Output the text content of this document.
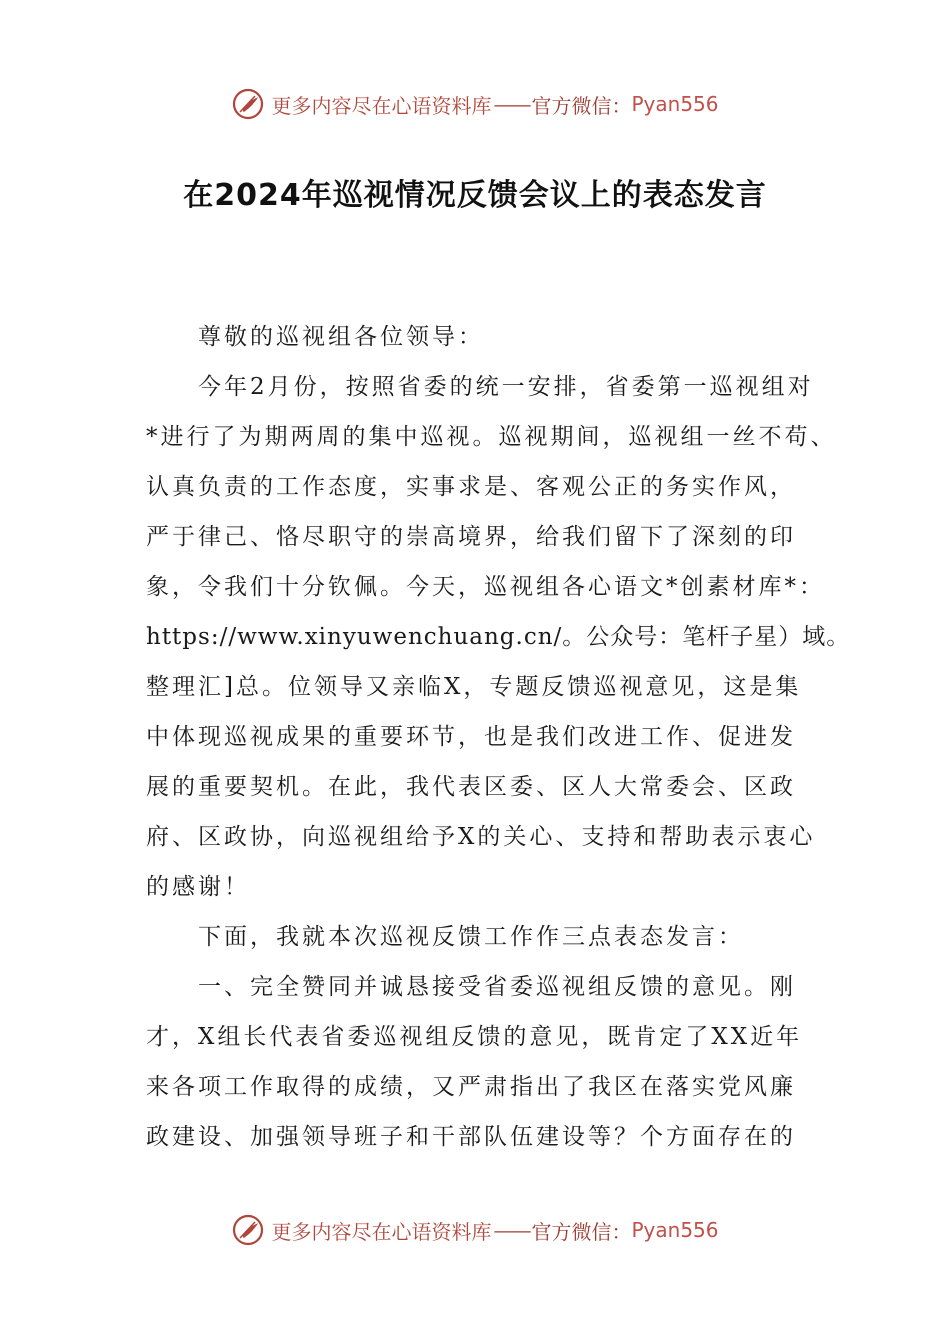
更多内容尽在心语资料库 —— 官方微信： Pyan556
在2024年巡视情况反馈会议上的表态发言
尊敬的巡视组各位领导：
今年2月份，按照省委的统一安排，省委第一巡视组对
*进行了为期两周的集中巡视。巡视期间，巡视组一丝不苟、
认真负责的工作态度，实事求是、客观公正的务实作风，
严于律己、恪尽职守的崇高境界，给我们留下了深刻的印
象，令我们十分钦佩。今天，巡视组各心语文*创素材库*：
https://www.xinyuwenchuang.cn/。公众号：笔杆子星）域。
整理汇]总。位领导又亲临X，专题反馈巡视意见，这是集
中体现巡视成果的重要环节，也是我们改进工作、促进发
展的重要契机。在此，我代表区委、区人大常委会、区政
府、区政协，向巡视组给予X的关心、支持和帮助表示衷心
的感谢！
下面，我就本次巡视反馈工作作三点表态发言：
一、完全赞同并诚恳接受省委巡视组反馈的意见。刚
才，X组长代表省委巡视组反馈的意见，既肯定了XX近年
来各项工作取得的成绩，又严肃指出了我区在落实党风廉
政建设、加强领导班子和干部队伍建设等？个方面存在的
更多内容尽在心语资料库 —— 官方微信： Pyan556
